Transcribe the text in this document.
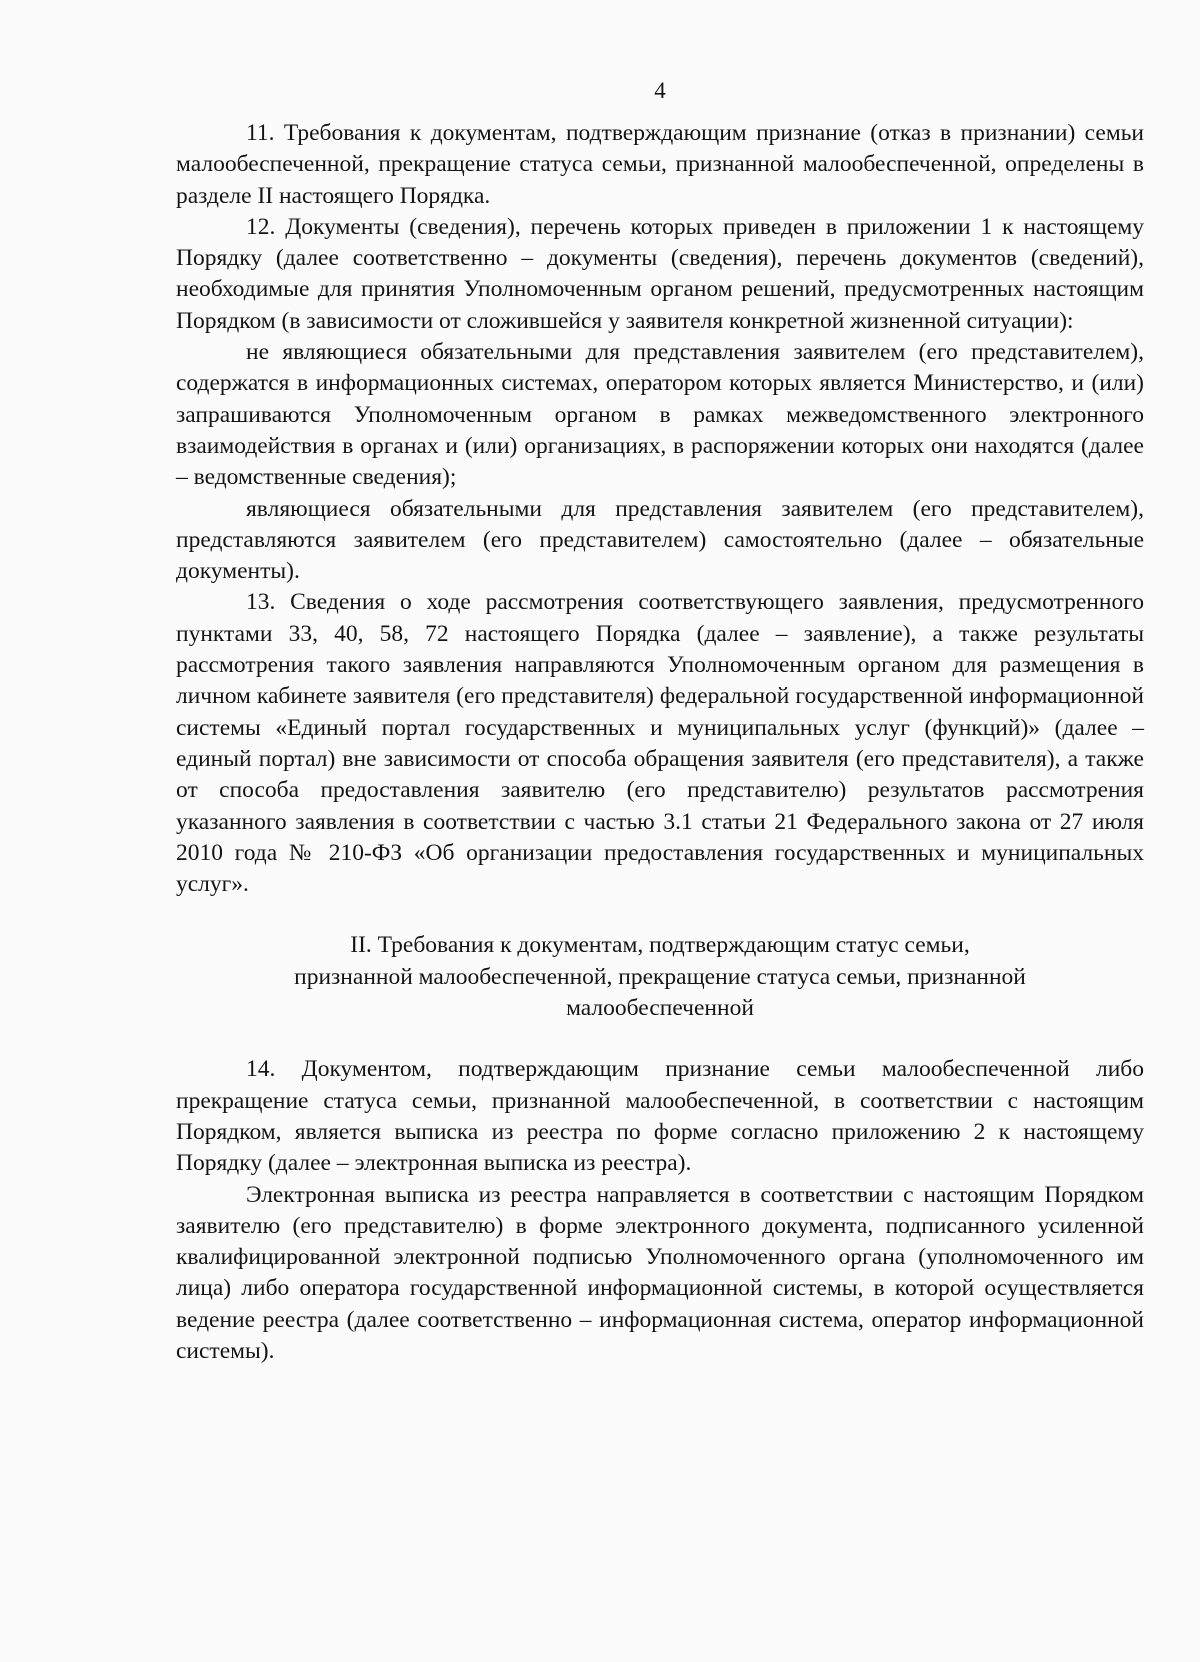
4

11. Требования к документам, подтверждающим признание (отказ в признании) семьи малообеспеченной, прекращение статуса семьи, признанной малообеспеченной, определены в разделе II настоящего Порядка.

12. Документы (сведения), перечень которых приведен в приложении 1 к настоящему Порядку (далее соответственно – документы (сведения), перечень документов (сведений), необходимые для принятия Уполномоченным органом решений, предусмотренных настоящим Порядком (в зависимости от сложившейся у заявителя конкретной жизненной ситуации):

не являющиеся обязательными для представления заявителем (его представителем), содержатся в информационных системах, оператором которых является Министерство, и (или) запрашиваются Уполномоченным органом в рамках межведомственного электронного взаимодействия в органах и (или) организациях, в распоряжении которых они находятся (далее – ведомственные сведения);

являющиеся обязательными для представления заявителем (его представителем), представляются заявителем (его представителем) самостоятельно (далее – обязательные документы).

13. Сведения о ходе рассмотрения соответствующего заявления, предусмотренного пунктами 33, 40, 58, 72 настоящего Порядка (далее – заявление), а также результаты рассмотрения такого заявления направляются Уполномоченным органом для размещения в личном кабинете заявителя (его представителя) федеральной государственной информационной системы «Единый портал государственных и муниципальных услуг (функций)» (далее – единый портал) вне зависимости от способа обращения заявителя (его представителя), а также от способа предоставления заявителю (его представителю) результатов рассмотрения указанного заявления в соответствии с частью 3.1 статьи 21 Федерального закона от 27 июля 2010 года № 210-ФЗ «Об организации предоставления государственных и муниципальных услуг».

II. Требования к документам, подтверждающим статус семьи,
признанной малообеспеченной, прекращение статуса семьи, признанной
малообеспеченной

14. Документом, подтверждающим признание семьи малообеспеченной либо прекращение статуса семьи, признанной малообеспеченной, в соответствии с настоящим Порядком, является выписка из реестра по форме согласно приложению 2 к настоящему Порядку (далее – электронная выписка из реестра).

Электронная выписка из реестра направляется в соответствии с настоящим Порядком заявителю (его представителю) в форме электронного документа, подписанного усиленной квалифицированной электронной подписью Уполномоченного органа (уполномоченного им лица) либо оператора государственной информационной системы, в которой осуществляется ведение реестра (далее соответственно – информационная система, оператор информационной системы).
